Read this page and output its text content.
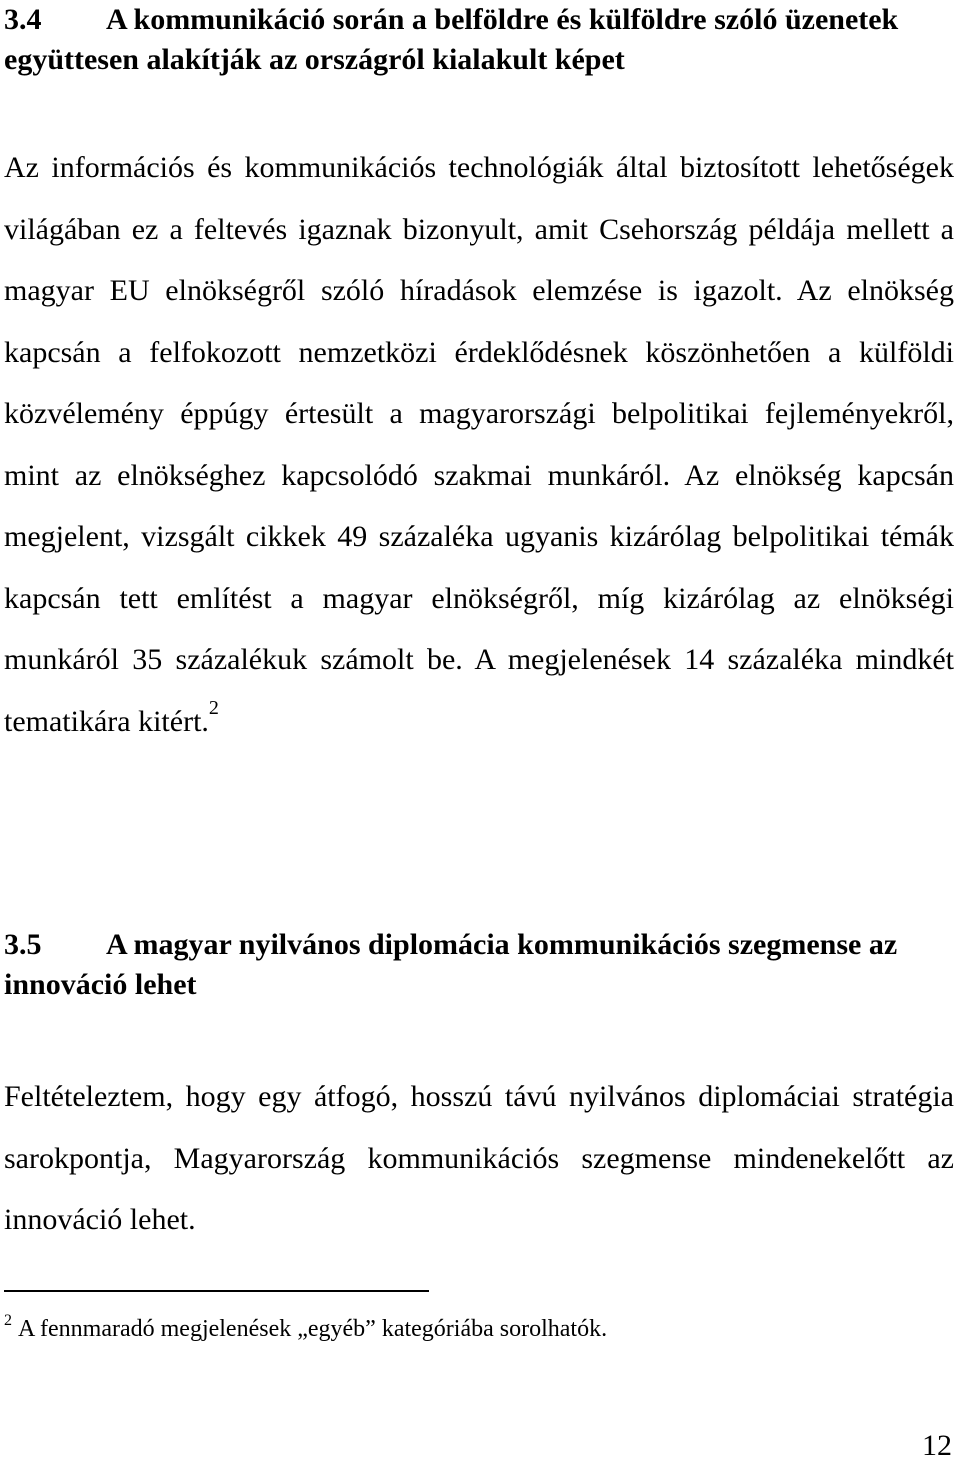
3.4 A kommunikáció során a belföldre és külföldre szóló üzenetek együttesen alakítják az országról kialakult képet

Az információs és kommunikációs technológiák által biztosított lehetőségek világában ez a feltevés igaznak bizonyult, amit Csehország példája mellett a magyar EU elnökségről szóló híradások elemzése is igazolt. Az elnökség kapcsán a felfokozott nemzetközi érdeklődésnek köszönhetően a külföldi közvélemény éppúgy értesült a magyarországi belpolitikai fejleményekről, mint az elnökséghez kapcsolódó szakmai munkáról. Az elnökség kapcsán megjelent, vizsgált cikkek 49 százaléka ugyanis kizárólag belpolitikai témák kapcsán tett említést a magyar elnökségről, míg kizárólag az elnökségi munkáról 35 százalékuk számolt be. A megjelenések 14 százaléka mindkét tematikára kitért.$^2$

3.5 A magyar nyilvános diplomácia kommunikációs szegmense az innováció lehet

Feltételeztem, hogy egy átfogó, hosszú távú nyilvános diplomáciai stratégia sarokpontja, Magyarország kommunikációs szegmense mindenekelőtt az innováció lehet.

$^2$ A fennmaradó megjelenések „egyéb” kategóriába sorolhatók.

12
